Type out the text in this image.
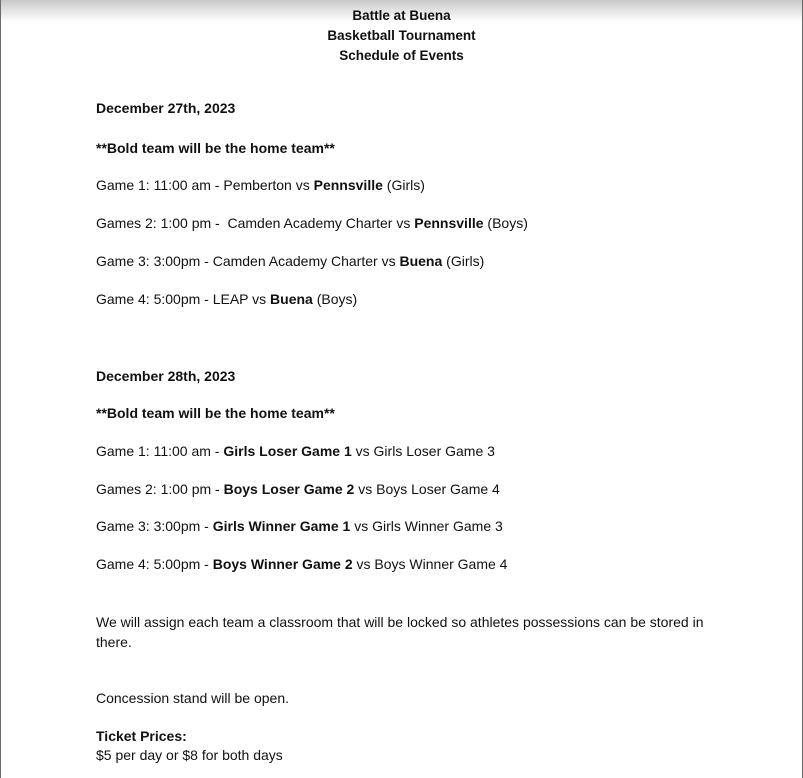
Battle at Buena
Basketball Tournament
Schedule of Events
December 27th, 2023
**Bold team will be the home team**
Game 1: 11:00 am - Pemberton vs Pennsville (Girls)
Games 2: 1:00 pm -  Camden Academy Charter vs Pennsville (Boys)
Game 3: 3:00pm - Camden Academy Charter vs Buena (Girls)
Game 4: 5:00pm - LEAP vs Buena (Boys)
December 28th, 2023
**Bold team will be the home team**
Game 1: 11:00 am - Girls Loser Game 1 vs Girls Loser Game 3
Games 2: 1:00 pm - Boys Loser Game 2 vs Boys Loser Game 4
Game 3: 3:00pm - Girls Winner Game 1 vs Girls Winner Game 3
Game 4: 5:00pm - Boys Winner Game 2 vs Boys Winner Game 4
We will assign each team a classroom that will be locked so athletes possessions can be stored in there.
Concession stand will be open.
Ticket Prices:
$5 per day or $8 for both days
